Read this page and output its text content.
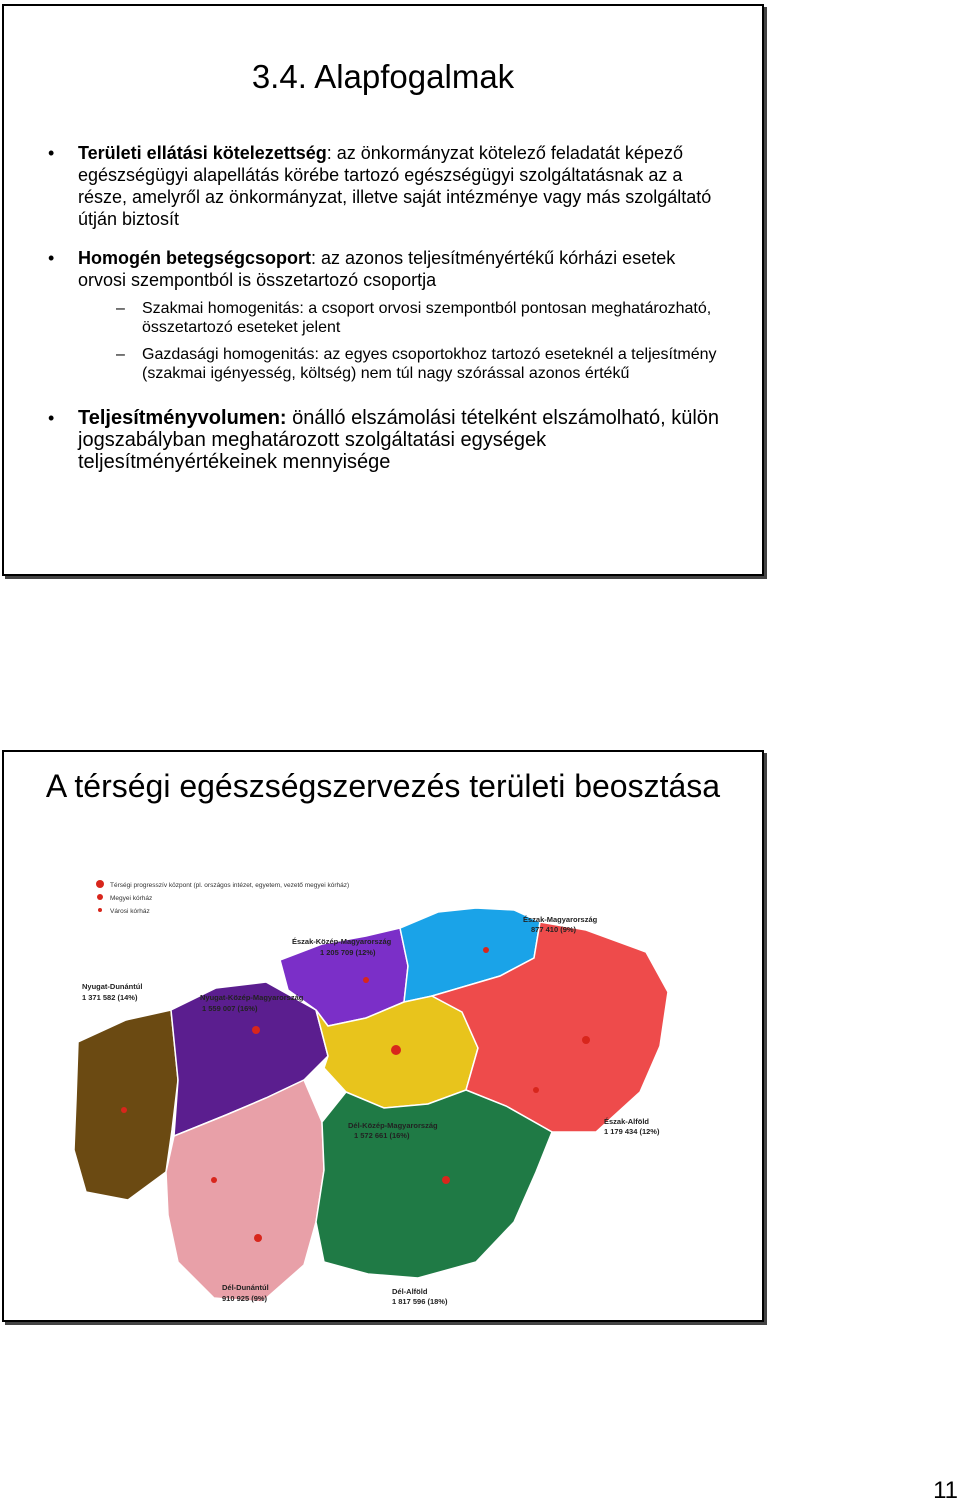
3.4. Alapfogalmak
• Területi ellátási kötelezettség: az önkormányzat kötelező feladatát képező egészségügyi alapellátás körébe tartozó egészségügyi szolgáltatásnak az a része, amelyről az önkormányzat, illetve saját intézménye vagy más szolgáltató útján biztosít
• Homogén betegségcsoport: az azonos teljesítményértékű kórházi esetek orvosi szempontból is összetartozó csoportja
– Szakmai homogenitás: a csoport orvosi szempontból pontosan meghatározható, összetartozó eseteket jelent
– Gazdasági homogenitás: az egyes csoportokhoz tartozó eseteknél a teljesítmény (szakmai igényesség, költség) nem túl nagy szórással azonos értékű
• Teljesítményvolumen: önálló elszámolási tételként elszámolható, külön jogszabályban meghatározott szolgáltatási egységek teljesítményértékeinek mennyisége
A térségi egészségszervezés területi beosztása
Térségi progresszív központ (pl. országos intézet, egyetem, vezető megyei kórház)
Megyei kórház
Városi kórház
Észak-Magyarország
877 410 (9%)
Észak-Közép-Magyarország
1 205 709 (12%)
Nyugat-Dunántúl
1 371 582 (14%)	Nyugat-Közép-Magyarország
1 559 007 (16%)
Dél-Közép-Magyarország
1 572 661 (16%)
Észak-Alföld
1 179 434 (12%)
Dél-Alföld
1 817 596 (18%)
Dél-Dunántúl
910 925 (9%)
11
